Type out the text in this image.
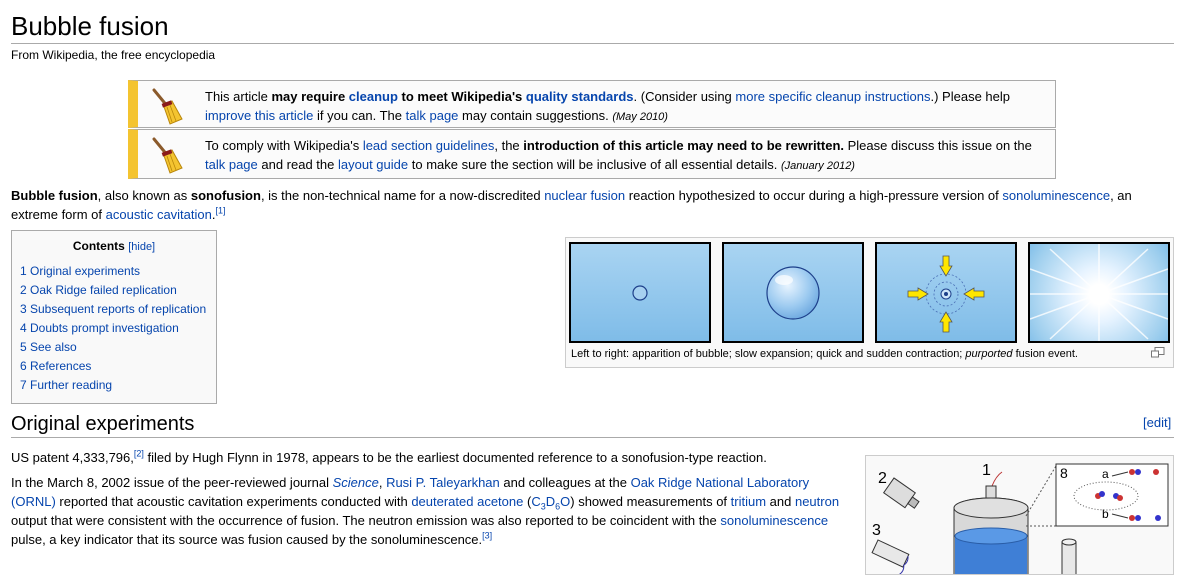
Bubble fusion
From Wikipedia, the free encyclopedia
This article may require cleanup to meet Wikipedia's quality standards. (Consider using more specific cleanup instructions.) Please help improve this article if you can. The talk page may contain suggestions. (May 2010)
To comply with Wikipedia's lead section guidelines, the introduction of this article may need to be rewritten. Please discuss this issue on the talk page and read the layout guide to make sure the section will be inclusive of all essential details. (January 2012)
Bubble fusion, also known as sonofusion, is the non-technical name for a now-discredited nuclear fusion reaction hypothesized to occur during a high-pressure version of sonoluminescence, an extreme form of acoustic cavitation.[1]
Contents [hide]
1 Original experiments
2 Oak Ridge failed replication
3 Subsequent reports of replication
4 Doubts prompt investigation
5 See also
6 References
7 Further reading
Left to right: apparition of bubble; slow expansion; quick and sudden contraction; purported fusion event.
Original experiments	[edit]
US patent 4,333,796,[2] filed by Hugh Flynn in 1978, appears to be the earliest documented reference to a sonofusion-type reaction.
In the March 8, 2002 issue of the peer-reviewed journal Science, Rusi P. Taleyarkhan and colleagues at the Oak Ridge National Laboratory (ORNL) reported that acoustic cavitation experiments conducted with deuterated acetone $(C_3D_6O)$ showed measurements of tritium and neutron output that were consistent with the occurrence of fusion. The neutron emission was also reported to be coincident with the sonoluminescence pulse, a key indicator that its source was fusion caused by the sonoluminescence.[3]
2
3
1	8	a
b
